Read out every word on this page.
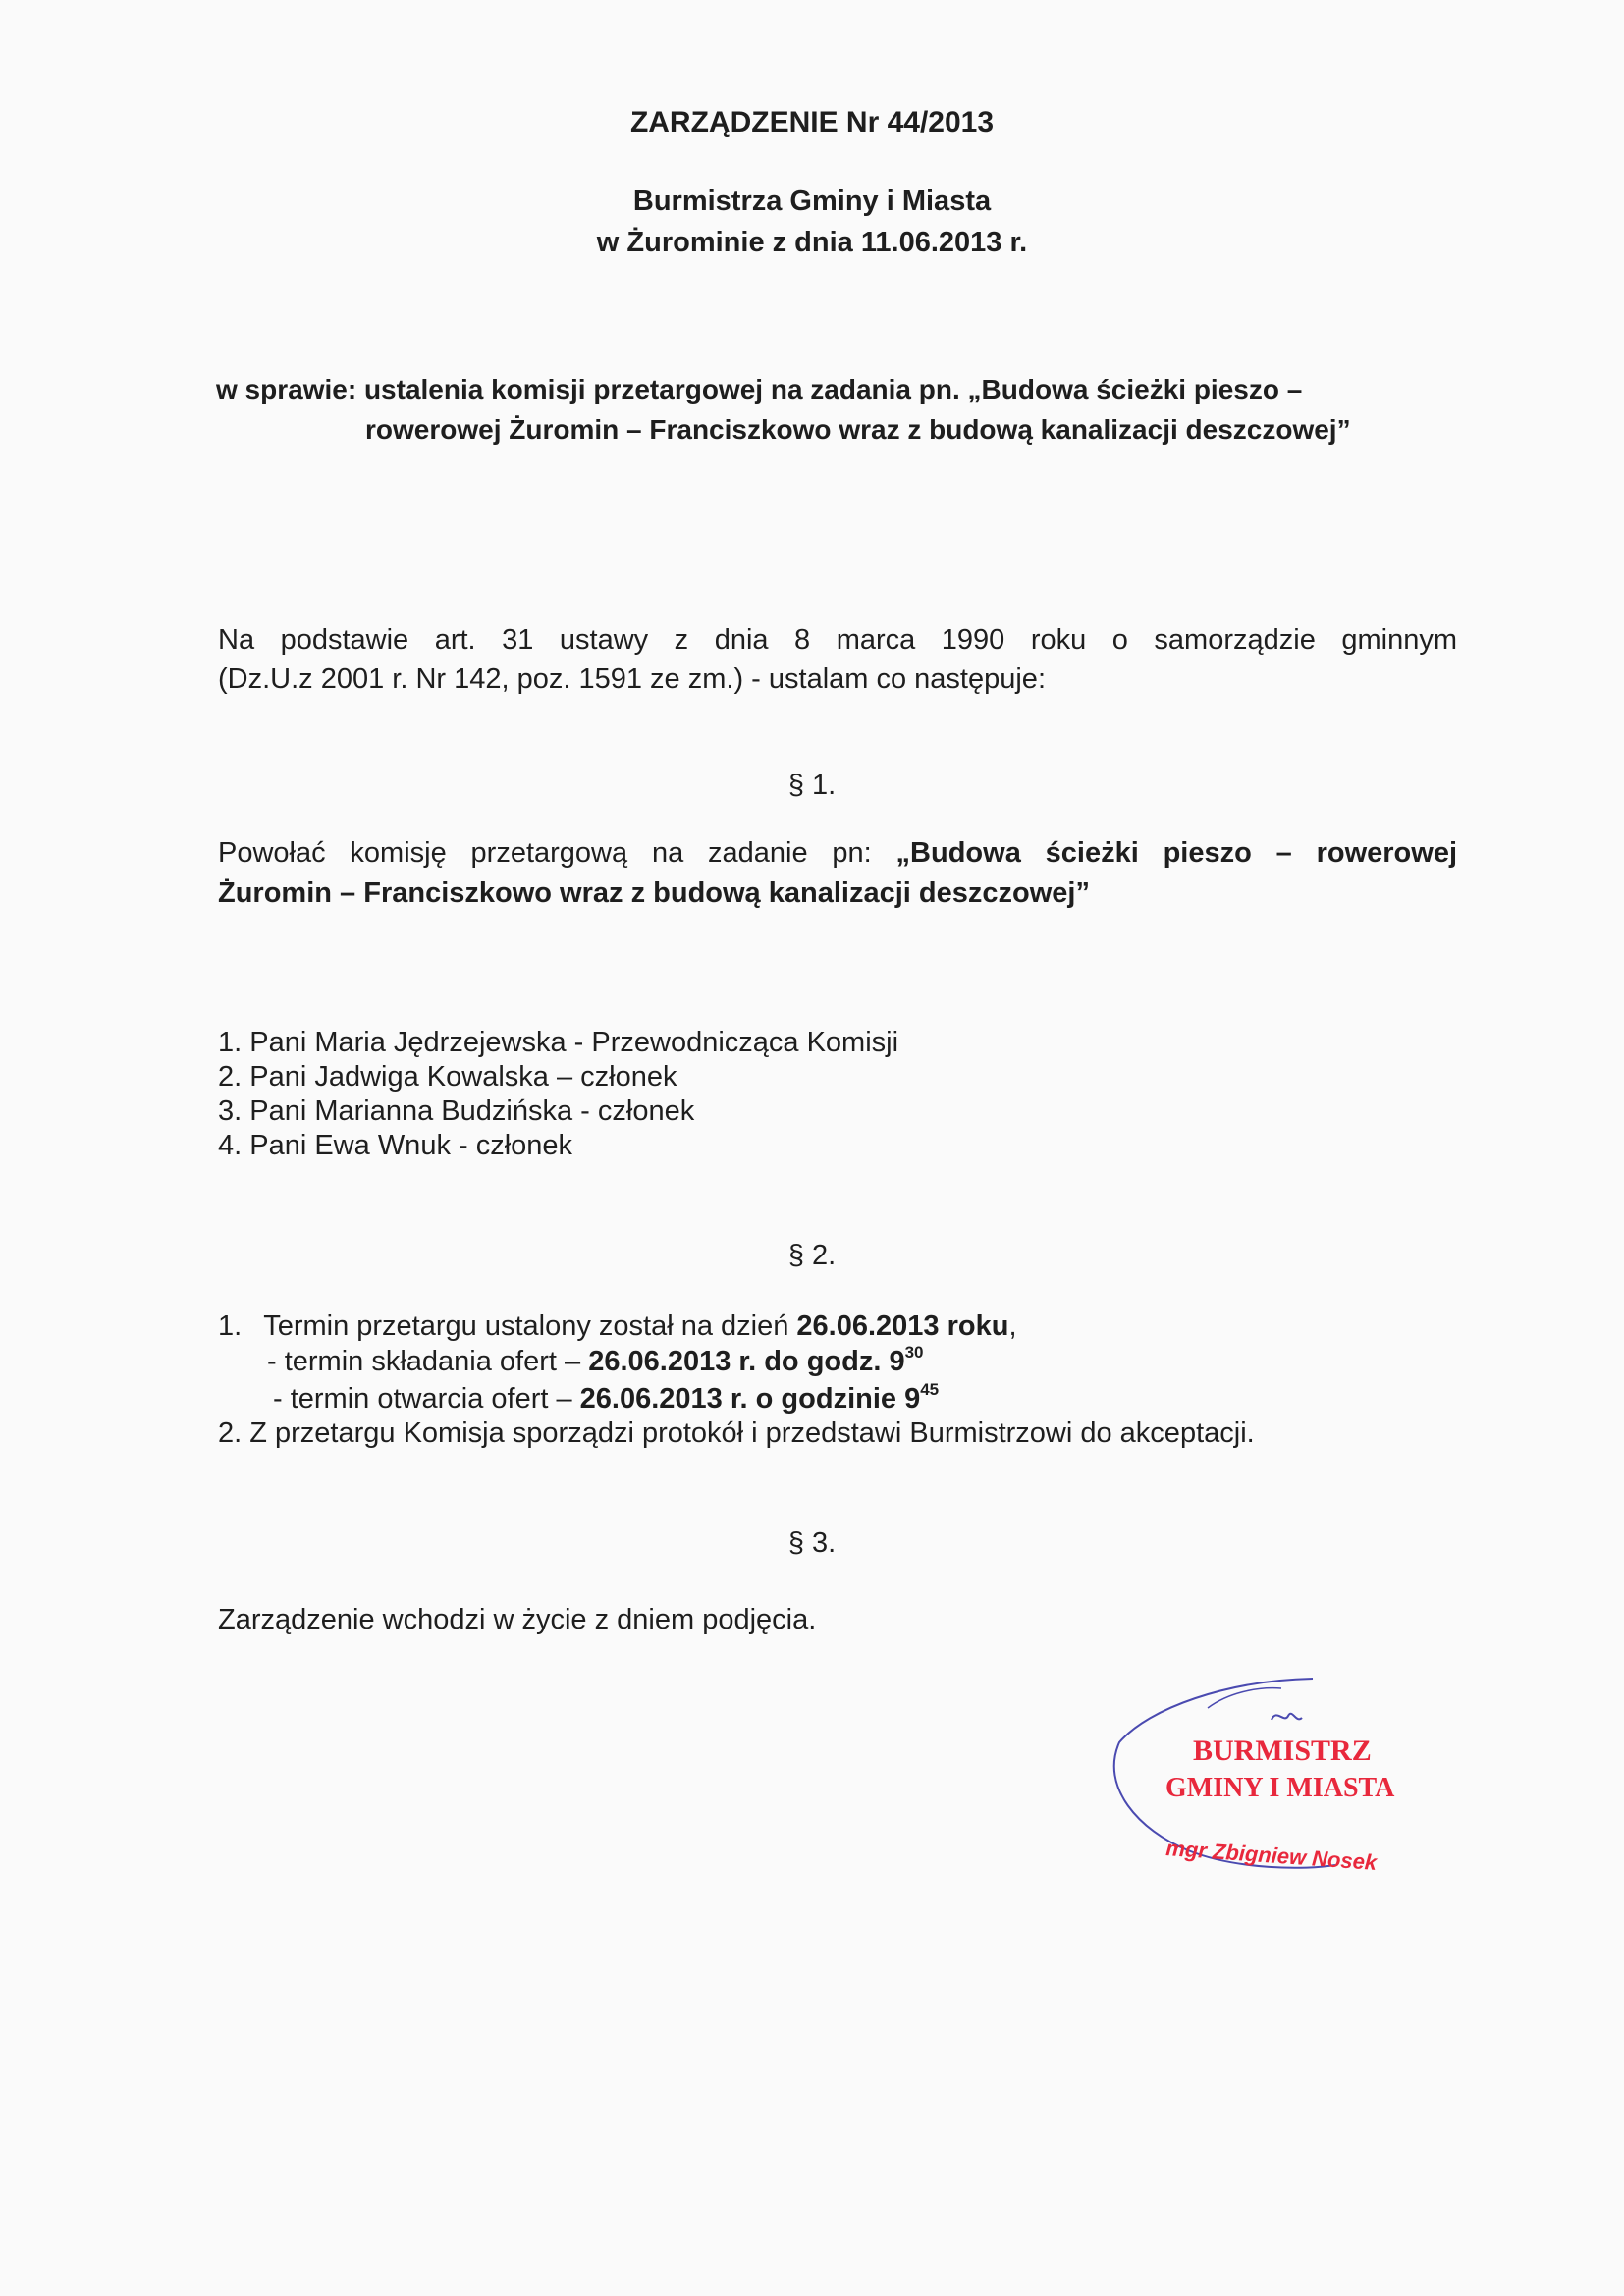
ZARZĄDZENIE Nr 44/2013
Burmistrza Gminy i Miasta
w Żurominie z dnia 11.06.2013 r.
w sprawie: ustalenia komisji przetargowej na zadania pn. „Budowa ścieżki pieszo –
rowerowej Żuromin – Franciszkowo wraz z budową kanalizacji deszczowej”
Na podstawie art. 31 ustawy z dnia 8 marca 1990 roku o samorządzie gminnym
(Dz.U.z 2001 r. Nr 142, poz. 1591 ze zm.) - ustalam co następuje:
§ 1.
Powołać komisję przetargową na zadanie pn: „Budowa ścieżki pieszo – rowerowej
Żuromin – Franciszkowo wraz z budową kanalizacji deszczowej”
1. Pani Maria Jędrzejewska - Przewodnicząca Komisji
2. Pani Jadwiga Kowalska – członek
3. Pani Marianna Budzińska - członek
4. Pani Ewa Wnuk - członek
§ 2.
1. Termin przetargu ustalony został na dzień 26.06.2013 roku,
- termin składania ofert – 26.06.2013 r. do godz. $9^{30}$
- termin otwarcia ofert – 26.06.2013 r. o godzinie $9^{45}$
2. Z przetargu Komisja sporządzi protokół i przedstawi Burmistrzowi do akceptacji.
§ 3.
Zarządzenie wchodzi w życie z dniem podjęcia.
BURMISTRZ
GMINY I MIASTA
mgr Zbigniew Nosek
